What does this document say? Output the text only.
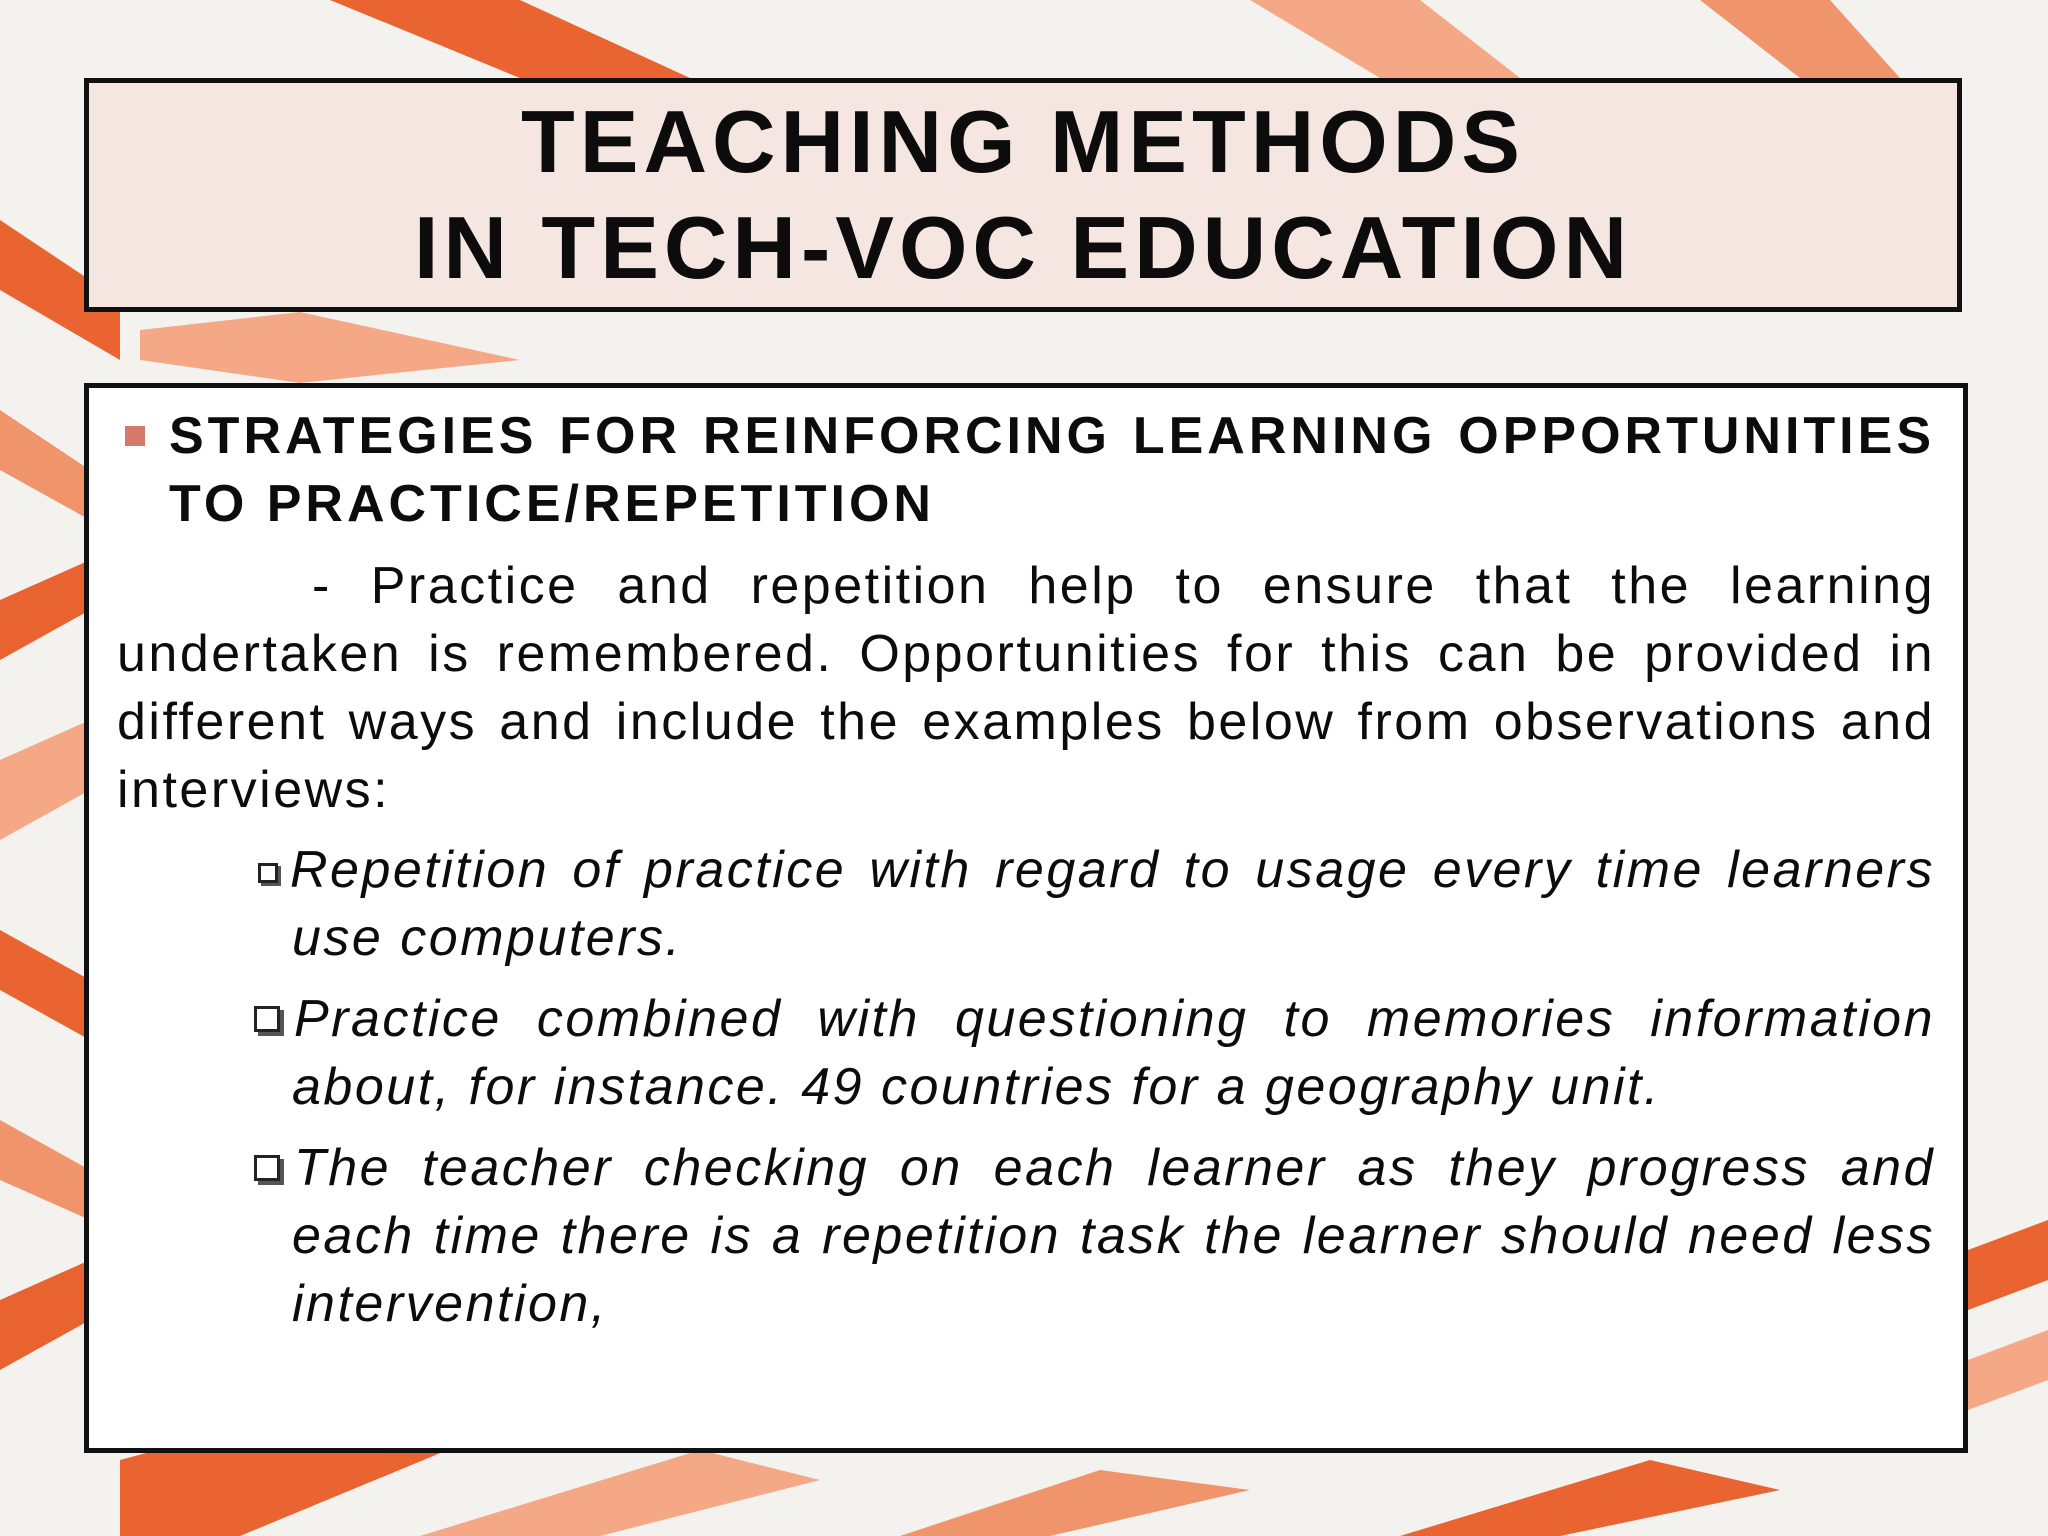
TEACHING METHODS
IN TECH-VOC EDUCATION

STRATEGIES FOR REINFORCING LEARNING OPPORTUNITIES TO PRACTICE/REPETITION

- Practice and repetition help to ensure that the learning undertaken is remembered. Opportunities for this can be provided in different ways and include the examples below from observations and interviews:

Repetition of practice with regard to usage every time learners use computers.
Practice combined with questioning to memories information about, for instance. 49 countries for a geography unit.
The teacher checking on each learner as they progress and each time there is a repetition task the learner should need less intervention,
